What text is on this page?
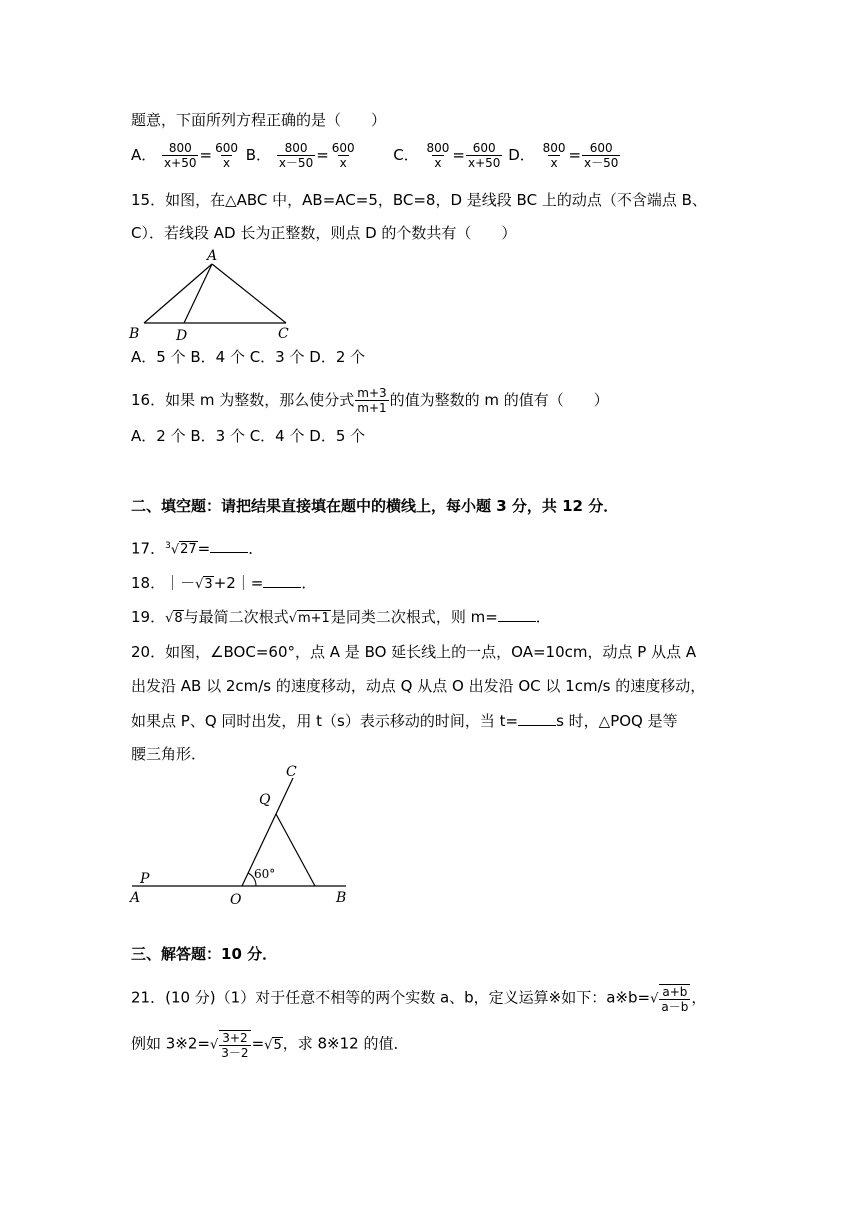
题意，下面所列方程正确的是（　　）
A． $\frac{800}{x+50} = \frac{600}{x}$ B． $\frac{800}{x-50} = \frac{600}{x}$ C． $\frac{800}{x} = \frac{600}{x+50}$ D． $\frac{800}{x} = \frac{600}{x-50}$
15．如图，在△ABC 中，AB=AC=5，BC=8，D 是线段 BC 上的动点（不含端点 B、
C）．若线段 AD 长为正整数，则点 D 的个数共有（　　）
A
B	C
D
A．5 个 B．4 个 C．3 个 D．2 个
16．如果 m 为整数，那么使分式 $\frac{m+3}{m+1}$ 的值为整数的 m 的值有（　　）
A．2 个 B．3 个 C．4 个 D．5 个
二、填空题：请把结果直接填在题中的横线上，每小题 3 分，共 12 分．
17．$^3$√27=	．
18．｜－√3+2｜=	．
19．√8与最简二次根式√m+1是同类二次根式，则 m=	．
20．如图，∠BOC=60°，点 A 是 BO 延长线上的一点，OA=10cm，动点 P 从点 A
出发沿 AB 以 2cm/s 的速度移动，动点 Q 从点 O 出发沿 OC 以 1cm/s 的速度移动，
如果点 P、Q 同时出发，用 t（s）表示移动的时间，当 t=	s 时，△POQ 是等
腰三角形．
C
Q
P
A	O	B
60°
三、解答题：10 分．
21．(10 分)（1）对于任意不相等的两个实数 a、b，定义运算※如下：a※b=√ $\frac{a+b}{a-b}$ ，
例如 3※2=√ $\frac{3+2}{3-2} =√5$，求 8※12 的值．
